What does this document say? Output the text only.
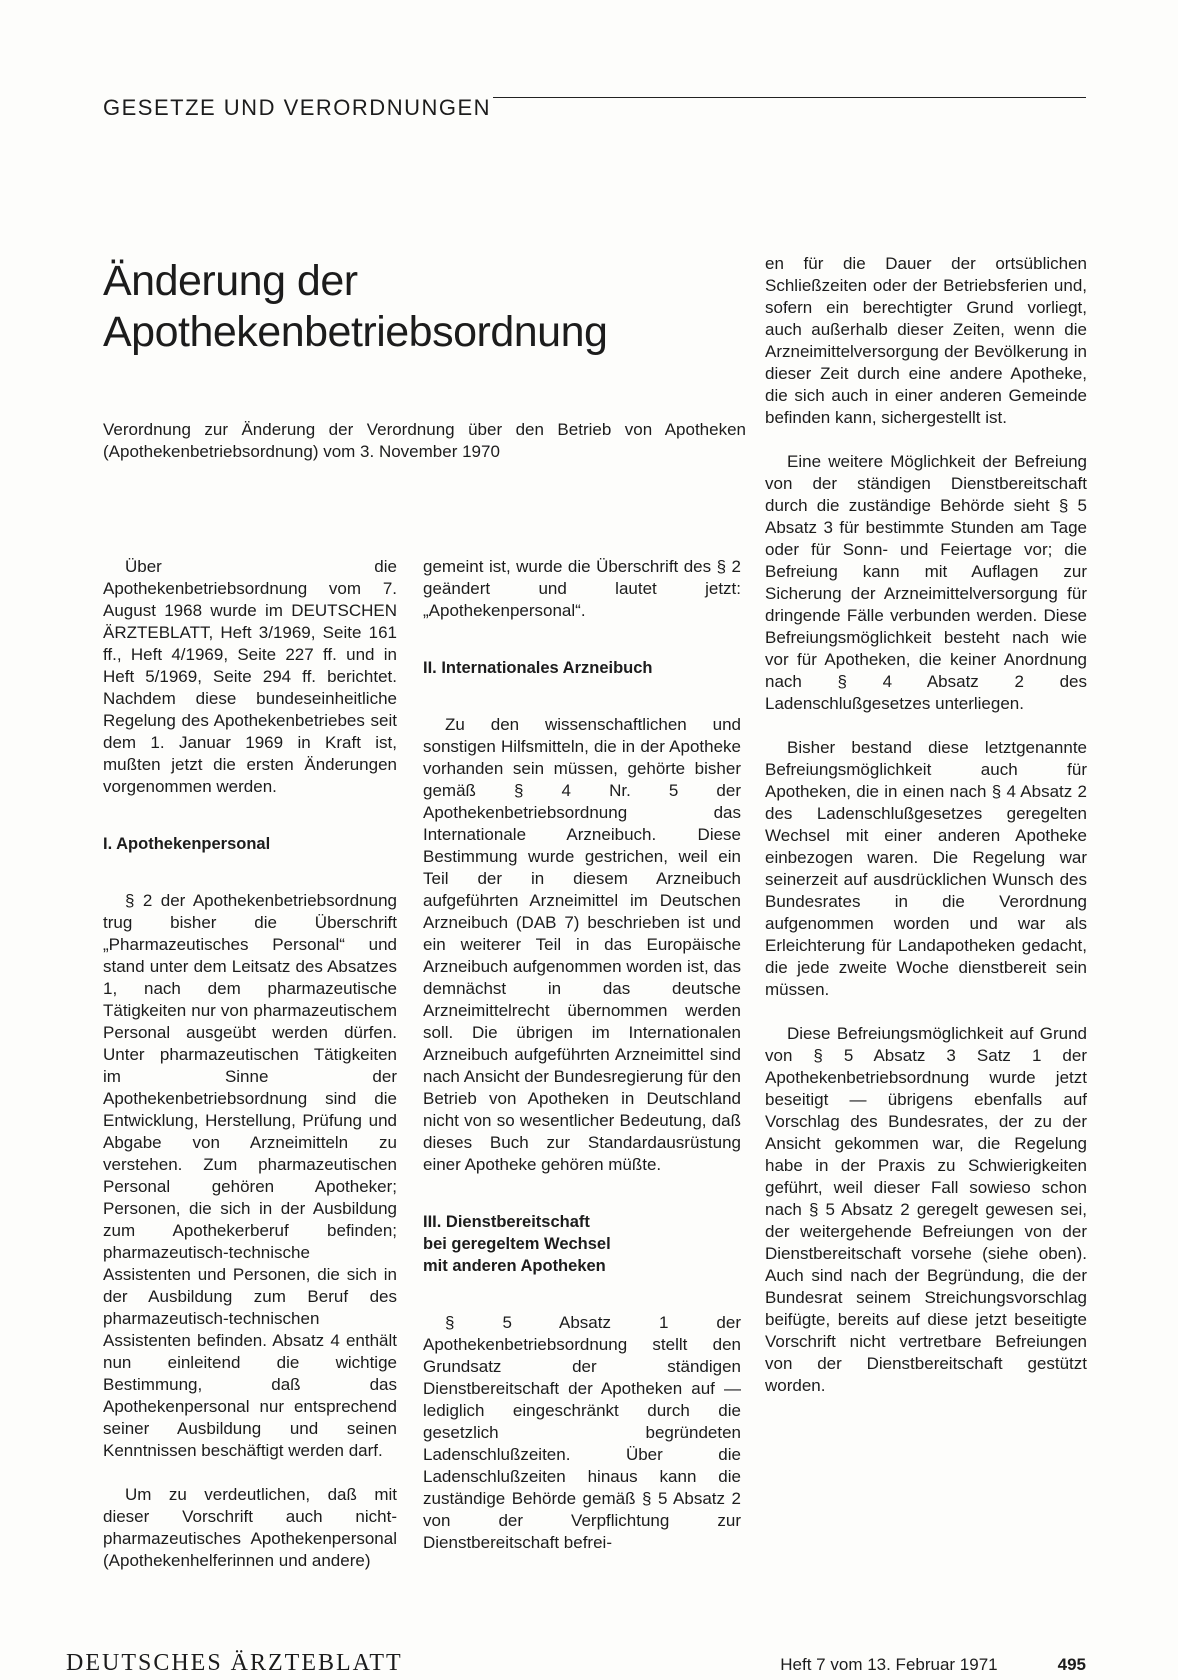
GESETZE UND VERORDNUNGEN
Änderung der
Apothekenbetriebsordnung

Verordnung zur Änderung der Verordnung über den Betrieb von Apotheken (Apothekenbetriebsordnung) vom 3. November 1970

Über die Apothekenbetriebsordnung vom 7. August 1968 wurde im DEUTSCHEN ÄRZTEBLATT, Heft 3/1969, Seite 161 ff., Heft 4/1969, Seite 227 ff. und in Heft 5/1969, Seite 294 ff. berichtet. Nachdem diese bundeseinheitliche Regelung des Apothekenbetriebes seit dem 1. Januar 1969 in Kraft ist, mußten jetzt die ersten Änderungen vorgenommen werden.

I. Apothekenpersonal

§ 2 der Apothekenbetriebsordnung trug bisher die Überschrift „Pharmazeutisches Personal“ und stand unter dem Leitsatz des Absatzes 1, nach dem pharmazeutische Tätigkeiten nur von pharmazeutischem Personal ausgeübt werden dürfen. Unter pharmazeutischen Tätigkeiten im Sinne der Apothekenbetriebsordnung sind die Entwicklung, Herstellung, Prüfung und Abgabe von Arzneimitteln zu verstehen. Zum pharmazeutischen Personal gehören Apotheker; Personen, die sich in der Ausbildung zum Apothekerberuf befinden; pharmazeutisch-technische Assistenten und Personen, die sich in der Ausbildung zum Beruf des pharmazeutisch-technischen Assistenten befinden. Absatz 4 enthält nun einleitend die wichtige Bestimmung, daß das Apothekenpersonal nur entsprechend seiner Ausbildung und seinen Kenntnissen beschäftigt werden darf.

Um zu verdeutlichen, daß mit dieser Vorschrift auch nicht-pharmazeutisches Apothekenpersonal (Apothekenhelferinnen und andere)

gemeint ist, wurde die Überschrift des § 2 geändert und lautet jetzt: „Apothekenpersonal“.

II. Internationales Arzneibuch

Zu den wissenschaftlichen und sonstigen Hilfsmitteln, die in der Apotheke vorhanden sein müssen, gehörte bisher gemäß § 4 Nr. 5 der Apothekenbetriebsordnung das Internationale Arzneibuch. Diese Bestimmung wurde gestrichen, weil ein Teil der in diesem Arzneibuch aufgeführten Arzneimittel im Deutschen Arzneibuch (DAB 7) beschrieben ist und ein weiterer Teil in das Europäische Arzneibuch aufgenommen worden ist, das demnächst in das deutsche Arzneimittelrecht übernommen werden soll. Die übrigen im Internationalen Arzneibuch aufgeführten Arzneimittel sind nach Ansicht der Bundesregierung für den Betrieb von Apotheken in Deutschland nicht von so wesentlicher Bedeutung, daß dieses Buch zur Standardausrüstung einer Apotheke gehören müßte.

III. Dienstbereitschaft
bei geregeltem Wechsel
mit anderen Apotheken

§ 5 Absatz 1 der Apothekenbetriebsordnung stellt den Grundsatz der ständigen Dienstbereitschaft der Apotheken auf — lediglich eingeschränkt durch die gesetzlich begründeten Ladenschlußzeiten. Über die Ladenschlußzeiten hinaus kann die zuständige Behörde gemäß § 5 Absatz 2 von der Verpflichtung zur Dienstbereitschaft befrei-

en für die Dauer der ortsüblichen Schließzeiten oder der Betriebsferien und, sofern ein berechtigter Grund vorliegt, auch außerhalb dieser Zeiten, wenn die Arzneimittelversorgung der Bevölkerung in dieser Zeit durch eine andere Apotheke, die sich auch in einer anderen Gemeinde befinden kann, sichergestellt ist.

Eine weitere Möglichkeit der Befreiung von der ständigen Dienstbereitschaft durch die zuständige Behörde sieht § 5 Absatz 3 für bestimmte Stunden am Tage oder für Sonn- und Feiertage vor; die Befreiung kann mit Auflagen zur Sicherung der Arzneimittelversorgung für dringende Fälle verbunden werden. Diese Befreiungsmöglichkeit besteht nach wie vor für Apotheken, die keiner Anordnung nach § 4 Absatz 2 des Ladenschlußgesetzes unterliegen.

Bisher bestand diese letztgenannte Befreiungsmöglichkeit auch für Apotheken, die in einen nach § 4 Absatz 2 des Ladenschlußgesetzes geregelten Wechsel mit einer anderen Apotheke einbezogen waren. Die Regelung war seinerzeit auf ausdrücklichen Wunsch des Bundesrates in die Verordnung aufgenommen worden und war als Erleichterung für Landapotheken gedacht, die jede zweite Woche dienstbereit sein müssen.

Diese Befreiungsmöglichkeit auf Grund von § 5 Absatz 3 Satz 1 der Apothekenbetriebsordnung wurde jetzt beseitigt — übrigens ebenfalls auf Vorschlag des Bundesrates, der zu der Ansicht gekommen war, die Regelung habe in der Praxis zu Schwierigkeiten geführt, weil dieser Fall sowieso schon nach § 5 Absatz 2 geregelt gewesen sei, der weitergehende Befreiungen von der Dienstbereitschaft vorsehe (siehe oben). Auch sind nach der Begründung, die der Bundesrat seinem Streichungsvorschlag beifügte, bereits auf diese jetzt beseitigte Vorschrift nicht vertretbare Befreiungen von der Dienstbereitschaft gestützt worden.

DEUTSCHES ÄRZTEBLATT	Heft 7 vom 13. Februar 1971	495
